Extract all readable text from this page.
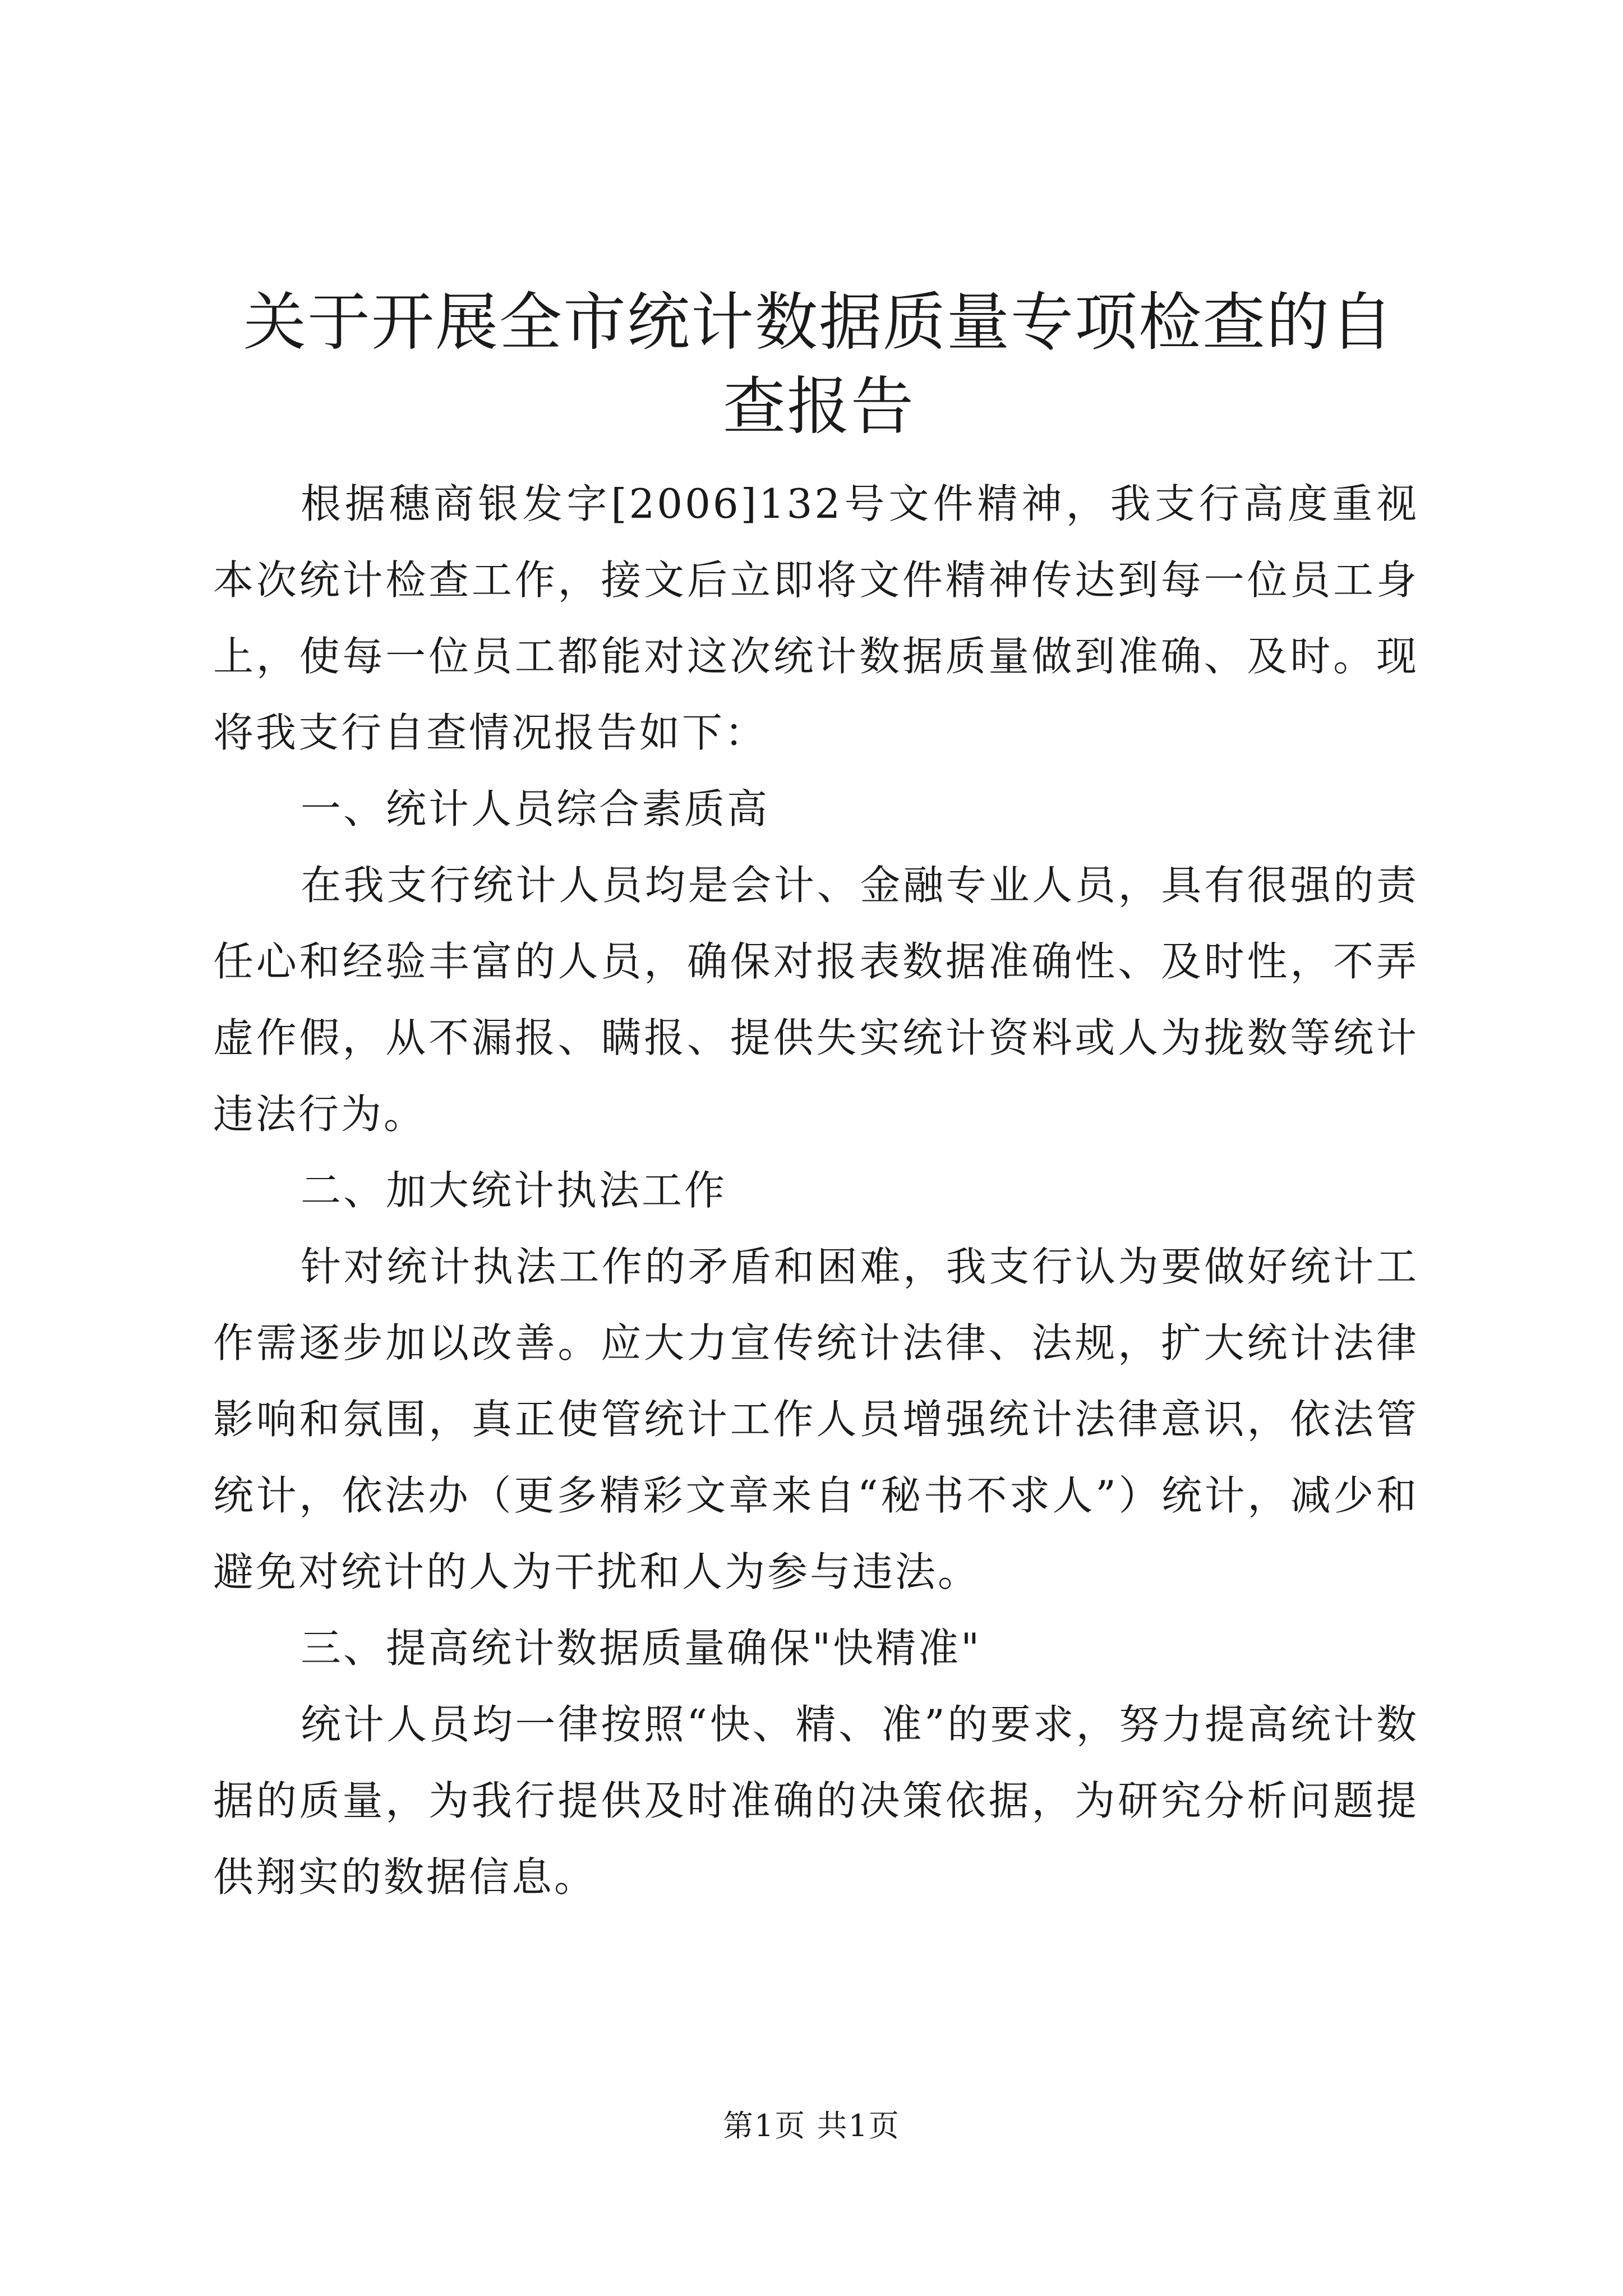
关于开展全市统计数据质量专项检查的自查报告

根据穗商银发字[2006]132号文件精神，我支行高度重视本次统计检查工作，接文后立即将文件精神传达到每一位员工身上，使每一位员工都能对这次统计数据质量做到准确、及时。现将我支行自查情况报告如下：

一、统计人员综合素质高

在我支行统计人员均是会计、金融专业人员，具有很强的责任心和经验丰富的人员，确保对报表数据准确性、及时性，不弄虚作假，从不漏报、瞒报、提供失实统计资料或人为拢数等统计违法行为。

二、加大统计执法工作

针对统计执法工作的矛盾和困难，我支行认为要做好统计工作需逐步加以改善。应大力宣传统计法律、法规，扩大统计法律影响和氛围，真正使管统计工作人员增强统计法律意识，依法管统计，依法办（更多精彩文章来自“秘书不求人”）统计，减少和避免对统计的人为干扰和人为参与违法。

三、提高统计数据质量确保"快精准"

统计人员均一律按照“快、精、准”的要求，努力提高统计数据的质量，为我行提供及时准确的决策依据，为研究分析问题提供翔实的数据信息。

第1页 共1页
